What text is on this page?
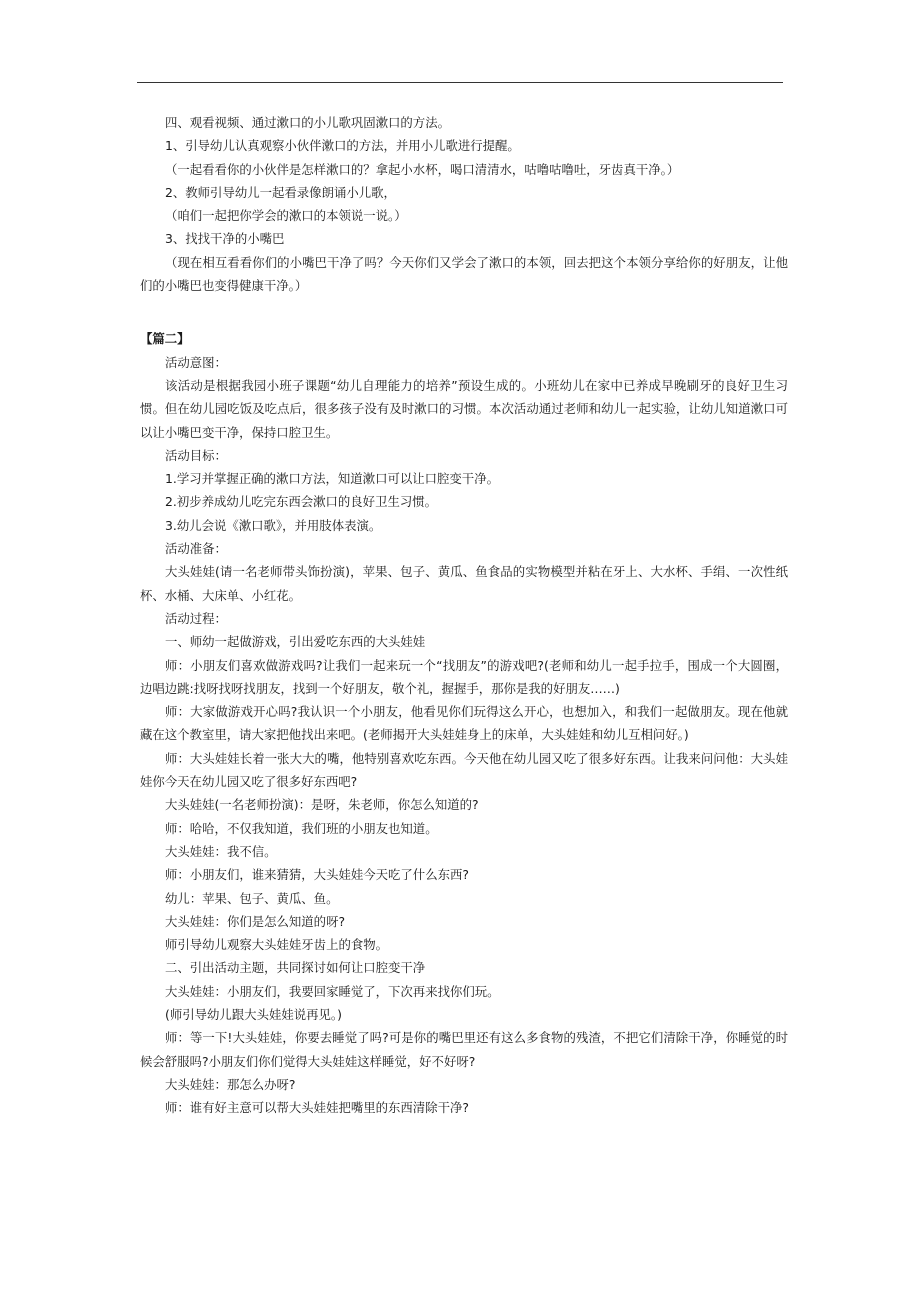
四、观看视频、通过漱口的小儿歌巩固漱口的方法。

1、引导幼儿认真观察小伙伴漱口的方法，并用小儿歌进行提醒。

（一起看看你的小伙伴是怎样漱口的？拿起小水杯，喝口清清水，咕噜咕噜吐，牙齿真干净。）

2、教师引导幼儿一起看录像朗诵小儿歌，

（咱们一起把你学会的漱口的本领说一说。）

3、找找干净的小嘴巴

（现在相互看看你们的小嘴巴干净了吗？今天你们又学会了漱口的本领，回去把这个本领分享给你的好朋友，让他们的小嘴巴也变得健康干净。）

【篇二】

活动意图：

该活动是根据我园小班子课题“幼儿自理能力的培养”预设生成的。小班幼儿在家中已养成早晚刷牙的良好卫生习惯。但在幼儿园吃饭及吃点后，很多孩子没有及时漱口的习惯。本次活动通过老师和幼儿一起实验，让幼儿知道漱口可以让小嘴巴变干净，保持口腔卫生。

活动目标：

1.学习并掌握正确的漱口方法，知道漱口可以让口腔变干净。

2.初步养成幼儿吃完东西会漱口的良好卫生习惯。

3.幼儿会说《漱口歌》，并用肢体表演。

活动准备：

大头娃娃(请一名老师带头饰扮演)，苹果、包子、黄瓜、鱼食品的实物模型并粘在牙上、大水杯、手绢、一次性纸杯、水桶、大床单、小红花。

活动过程：

一、师幼一起做游戏，引出爱吃东西的大头娃娃

师：小朋友们喜欢做游戏吗?让我们一起来玩一个“找朋友”的游戏吧?(老师和幼儿一起手拉手，围成一个大圆圈，边唱边跳:找呀找呀找朋友，找到一个好朋友，敬个礼，握握手，那你是我的好朋友……)

师：大家做游戏开心吗?我认识一个小朋友，他看见你们玩得这么开心，也想加入，和我们一起做朋友。现在他就藏在这个教室里，请大家把他找出来吧。(老师揭开大头娃娃身上的床单，大头娃娃和幼儿互相问好。)

师：大头娃娃长着一张大大的嘴，他特别喜欢吃东西。今天他在幼儿园又吃了很多好东西。让我来问问他：大头娃娃你今天在幼儿园又吃了很多好东西吧?

大头娃娃(一名老师扮演)：是呀，朱老师，你怎么知道的?

师：哈哈，不仅我知道，我们班的小朋友也知道。

大头娃娃：我不信。

师：小朋友们，谁来猜猜，大头娃娃今天吃了什么东西?

幼儿：苹果、包子、黄瓜、鱼。

大头娃娃：你们是怎么知道的呀?

师引导幼儿观察大头娃娃牙齿上的食物。

二、引出活动主题，共同探讨如何让口腔变干净

大头娃娃：小朋友们，我要回家睡觉了，下次再来找你们玩。

(师引导幼儿跟大头娃娃说再见。)

师：等一下!大头娃娃，你要去睡觉了吗?可是你的嘴巴里还有这么多食物的残渣，不把它们清除干净，你睡觉的时候会舒服吗?小朋友们你们觉得大头娃娃这样睡觉，好不好呀?

大头娃娃：那怎么办呀?

师：谁有好主意可以帮大头娃娃把嘴里的东西清除干净?
